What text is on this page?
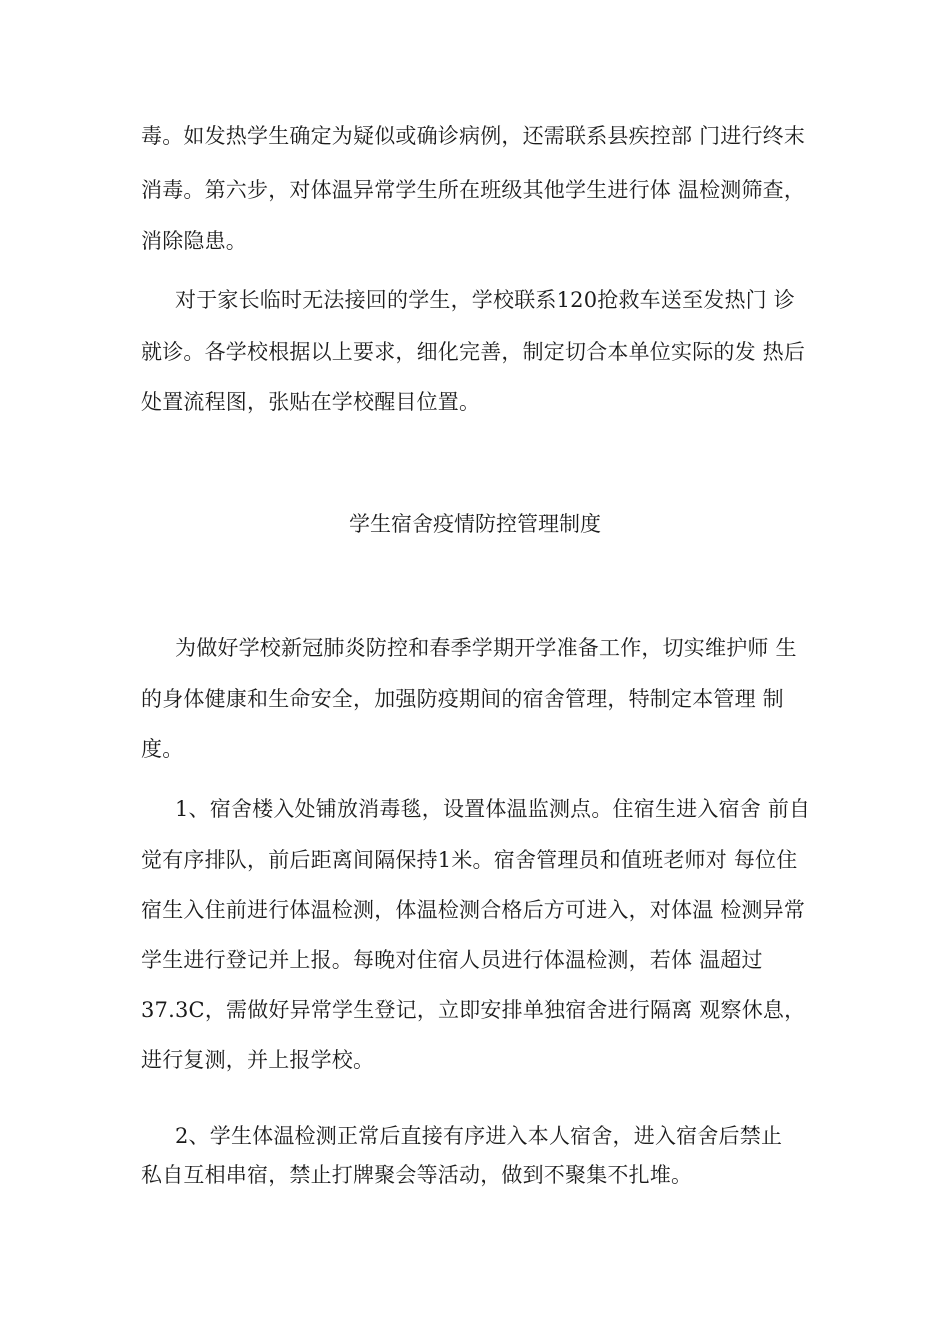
毒。如发热学生确定为疑似或确诊病例，还需联系县疾控部 门进行终末
消毒。第六步，对体温异常学生所在班级其他学生进行体 温检测筛查，
消除隐患。
对于家长临时无法接回的学生，学校联系120抢救车送至发热门 诊
就诊。各学校根据以上要求，细化完善，制定切合本单位实际的发 热后
处置流程图，张贴在学校醒目位置。
学生宿舍疫情防控管理制度
为做好学校新冠肺炎防控和春季学期开学准备工作，切实维护师 生
的身体健康和生命安全，加强防疫期间的宿舍管理，特制定本管理 制
度。
1、宿舍楼入处铺放消毒毯，设置体温监测点。住宿生进入宿舍 前自
觉有序排队，前后距离间隔保持1米。宿舍管理员和值班老师对 每位住
宿生入住前进行体温检测，体温检测合格后方可进入，对体温 检测异常
学生进行登记并上报。每晚对住宿人员进行体温检测，若体 温超过
37.3C，需做好异常学生登记，立即安排单独宿舍进行隔离 观察休息，
进行复测，并上报学校。
2、学生体温检测正常后直接有序进入本人宿舍，进入宿舍后禁止
私自互相串宿，禁止打牌聚会等活动，做到不聚集不扎堆。
